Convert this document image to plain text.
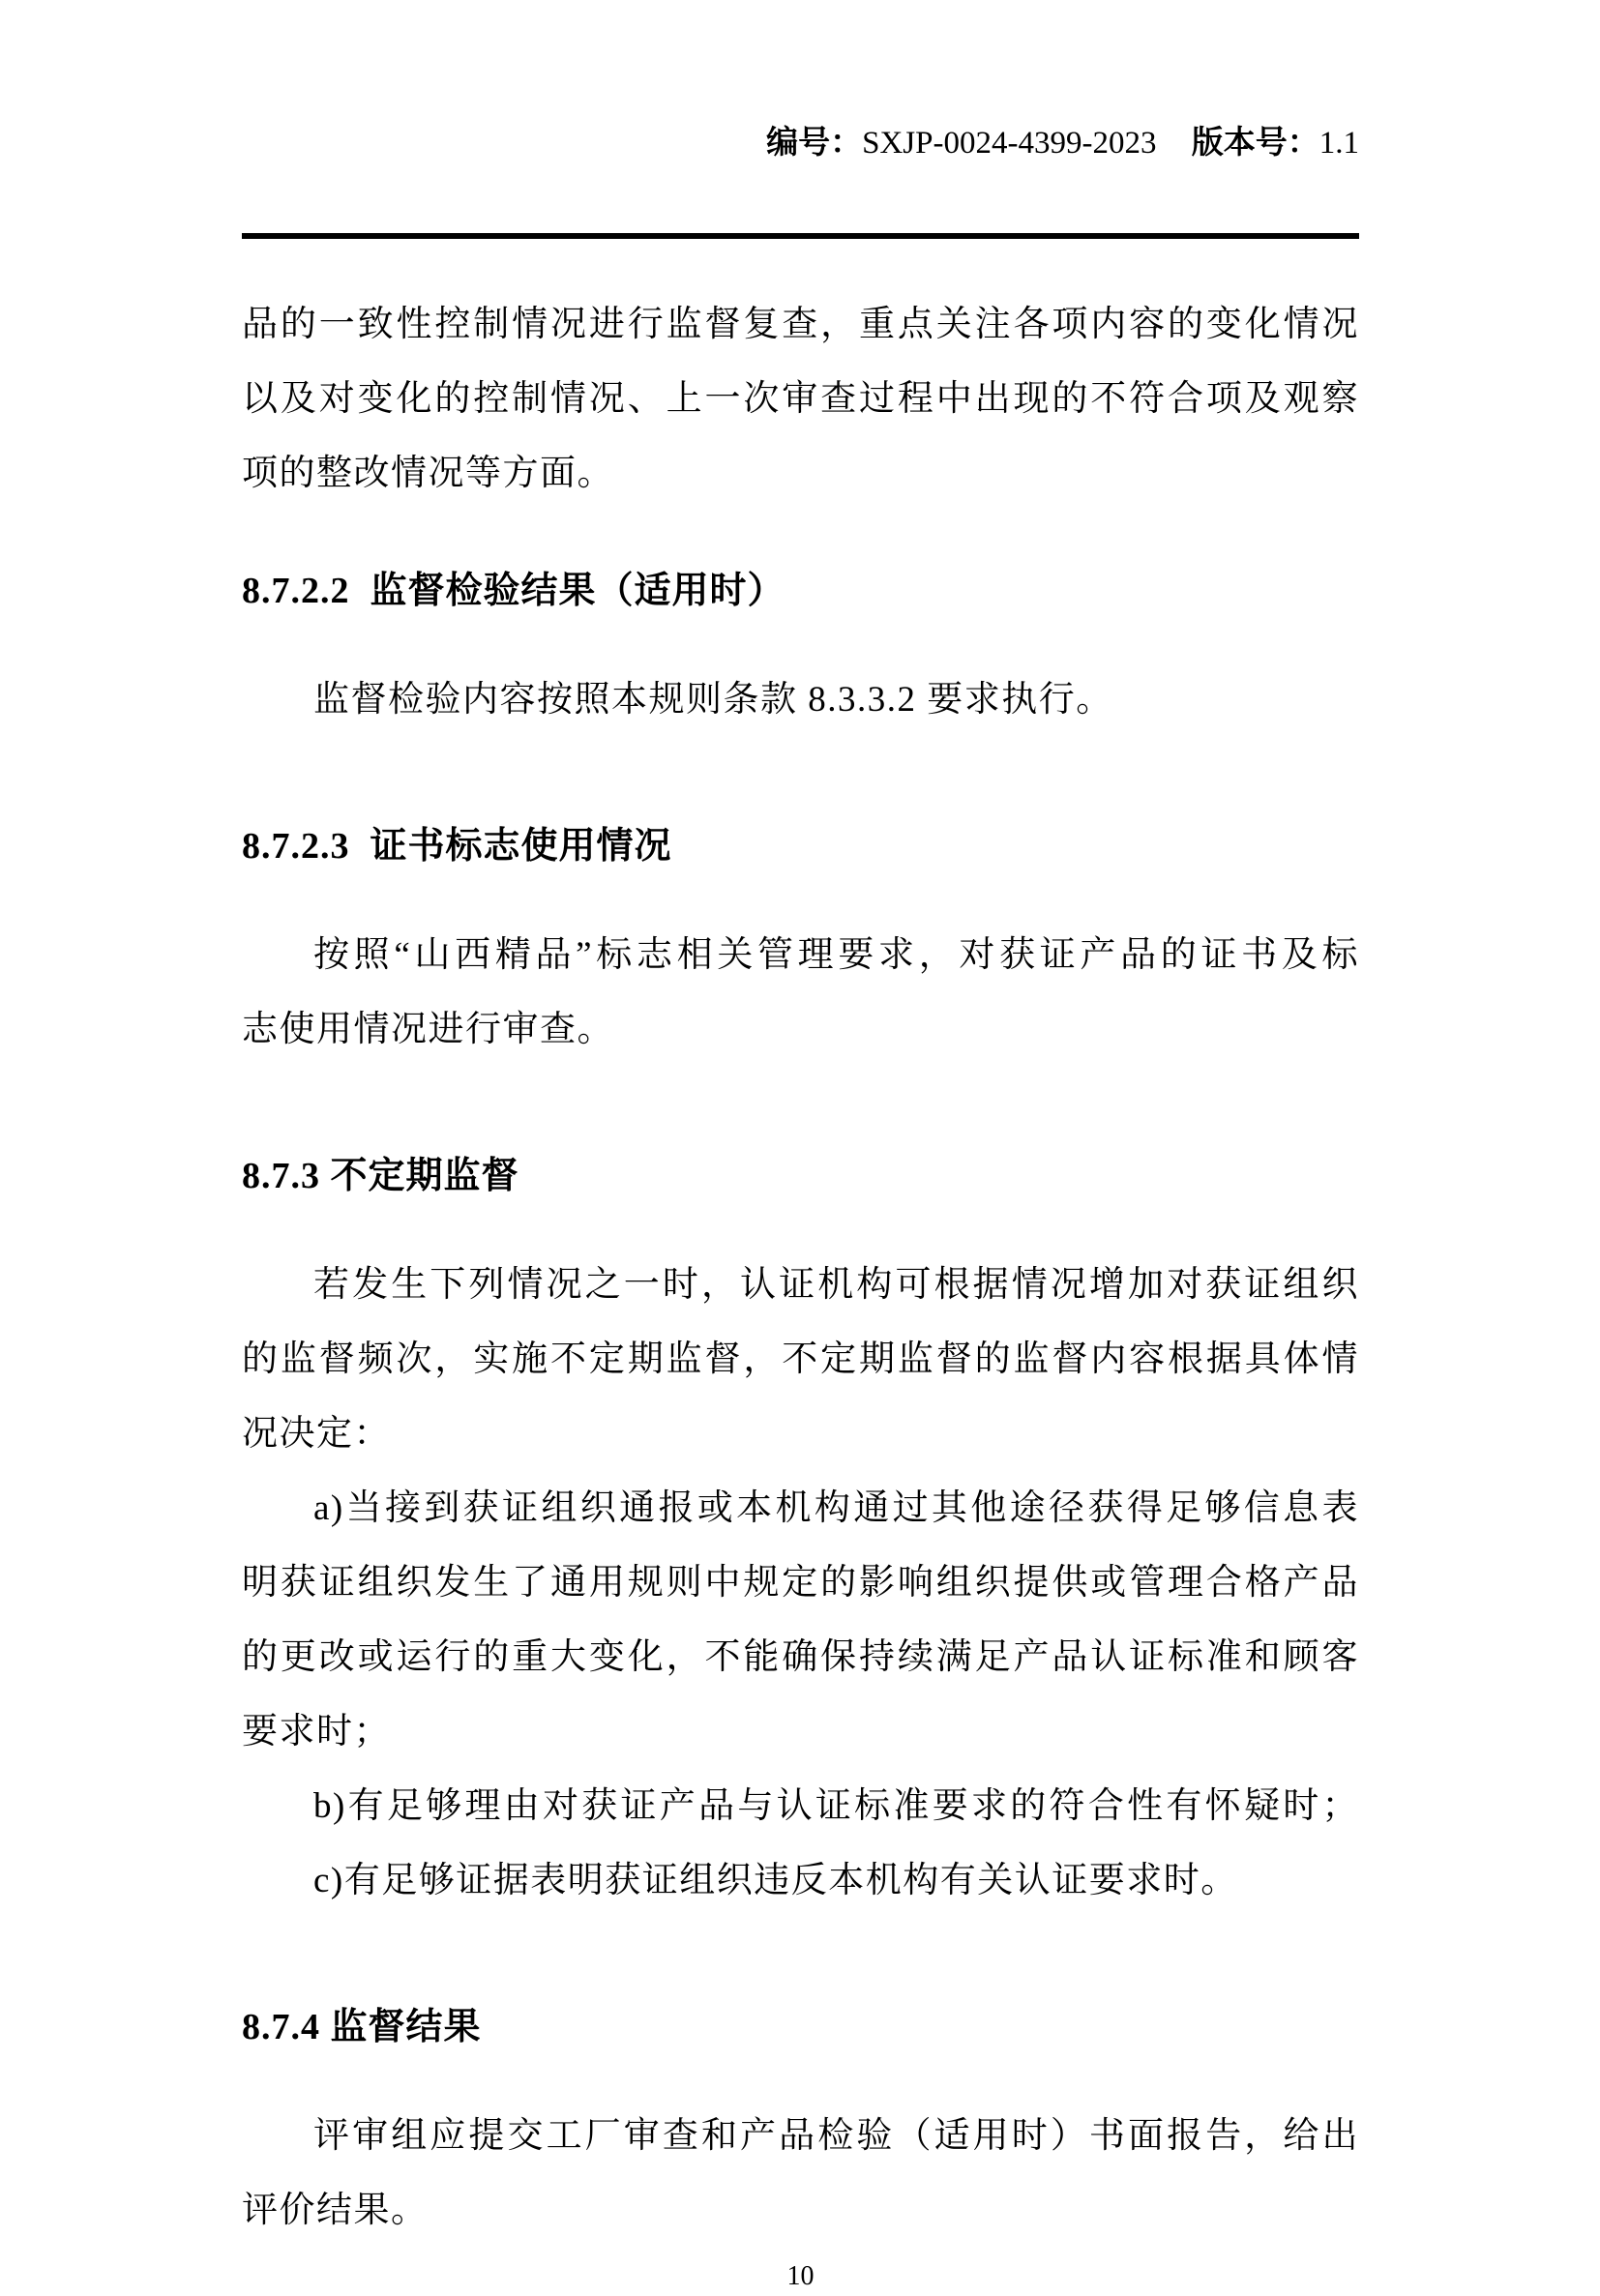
编号：SXJP-0024-4399-2023 版本号：1.1

品的一致性控制情况进行监督复查，重点关注各项内容的变化情况
以及对变化的控制情况、上一次审查过程中出现的不符合项及观察
项的整改情况等方面。
8.7.2.2  监督检验结果（适用时）
监督检验内容按照本规则条款 8.3.3.2 要求执行。
8.7.2.3  证书标志使用情况
按照“山西精品”标志相关管理要求，对获证产品的证书及标
志使用情况进行审查。
8.7.3 不定期监督
若发生下列情况之一时，认证机构可根据情况增加对获证组织
的监督频次，实施不定期监督，不定期监督的监督内容根据具体情
况决定：
a)当接到获证组织通报或本机构通过其他途径获得足够信息表
明获证组织发生了通用规则中规定的影响组织提供或管理合格产品
的更改或运行的重大变化，不能确保持续满足产品认证标准和顾客
要求时；
b)有足够理由对获证产品与认证标准要求的符合性有怀疑时；
c)有足够证据表明获证组织违反本机构有关认证要求时。
8.7.4 监督结果
评审组应提交工厂审查和产品检验（适用时）书面报告，给出
评价结果。
10
